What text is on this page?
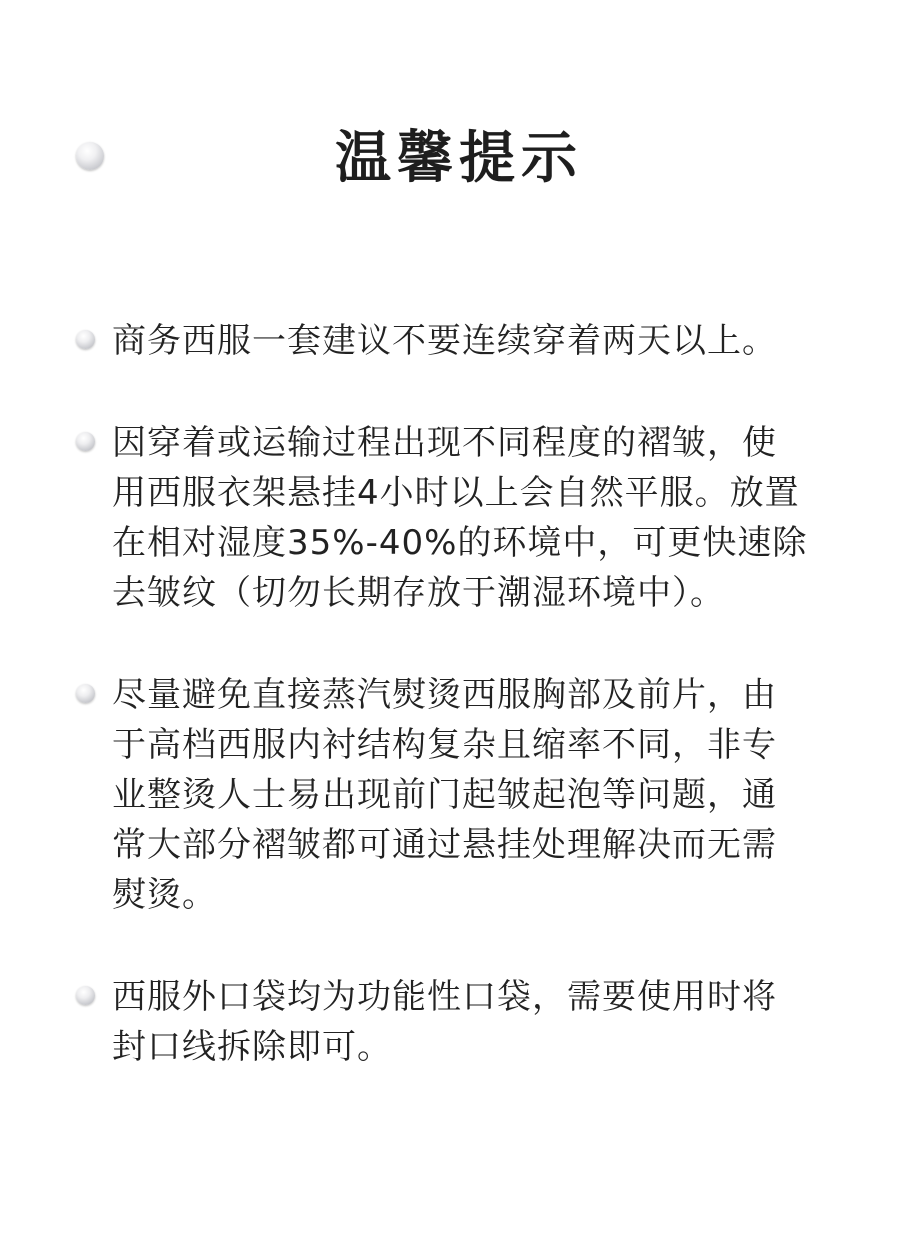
温馨提示
商务西服一套建议不要连续穿着两天以上。
因穿着或运输过程出现不同程度的褶皱，使
用西服衣架悬挂4小时以上会自然平服。放置
在相对湿度35%-40%的环境中，可更快速除
去皱纹（切勿长期存放于潮湿环境中）。
尽量避免直接蒸汽熨烫西服胸部及前片，由
于高档西服内衬结构复杂且缩率不同，非专
业整烫人士易出现前门起皱起泡等问题，通
常大部分褶皱都可通过悬挂处理解决而无需
熨烫。
西服外口袋均为功能性口袋，需要使用时将
封口线拆除即可。
